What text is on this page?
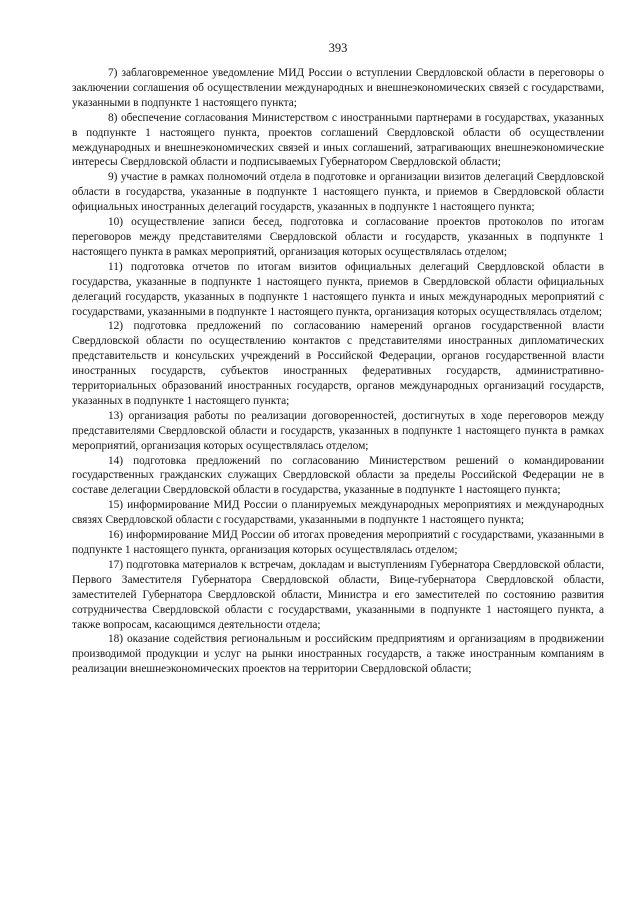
393

7) заблаговременное уведомление МИД России о вступлении Свердловской области в переговоры о заключении соглашения об осуществлении международных и внешнеэкономических связей с государствами, указанными в подпункте 1 настоящего пункта;

8) обеспечение согласования Министерством с иностранными партнерами в государствах, указанных в подпункте 1 настоящего пункта, проектов соглашений Свердловской области об осуществлении международных и внешнеэкономических связей и иных соглашений, затрагивающих внешнеэкономические интересы Свердловской области и подписываемых Губернатором Свердловской области;

9) участие в рамках полномочий отдела в подготовке и организации визитов делегаций Свердловской области в государства, указанные в подпункте 1 настоящего пункта, и приемов в Свердловской области официальных иностранных делегаций государств, указанных в подпункте 1 настоящего пункта;

10) осуществление записи бесед, подготовка и согласование проектов протоколов по итогам переговоров между представителями Свердловской области и государств, указанных в подпункте 1 настоящего пункта в рамках мероприятий, организация которых осуществлялась отделом;

11) подготовка отчетов по итогам визитов официальных делегаций Свердловской области в государства, указанные в подпункте 1 настоящего пункта, приемов в Свердловской области официальных делегаций государств, указанных в подпункте 1 настоящего пункта и иных международных мероприятий с государствами, указанными в подпункте 1 настоящего пункта, организация которых осуществлялась отделом;

12) подготовка предложений по согласованию намерений органов государственной власти Свердловской области по осуществлению контактов с представителями иностранных дипломатических представительств и консульских учреждений в Российской Федерации, органов государственной власти иностранных государств, субъектов иностранных федеративных государств, административно-территориальных образований иностранных государств, органов международных организаций государств, указанных в подпункте 1 настоящего пункта;

13) организация работы по реализации договоренностей, достигнутых в ходе переговоров между представителями Свердловской области и государств, указанных в подпункте 1 настоящего пункта в рамках мероприятий, организация которых осуществлялась отделом;

14) подготовка предложений по согласованию Министерством решений о командировании государственных гражданских служащих Свердловской области за пределы Российской Федерации не в составе делегации Свердловской области в государства, указанные в подпункте 1 настоящего пункта;

15) информирование МИД России о планируемых международных мероприятиях и международных связях Свердловской области с государствами, указанными в подпункте 1 настоящего пункта;

16) информирование МИД России об итогах проведения мероприятий с государствами, указанными в подпункте 1 настоящего пункта, организация которых осуществлялась отделом;

17) подготовка материалов к встречам, докладам и выступлениям Губернатора Свердловской области, Первого Заместителя Губернатора Свердловской области, Вице-губернатора Свердловской области, заместителей Губернатора Свердловской области, Министра и его заместителей по состоянию развития сотрудничества Свердловской области с государствами, указанными в подпункте 1 настоящего пункта, а также вопросам, касающимся деятельности отдела;

18) оказание содействия региональным и российским предприятиям и организациям в продвижении производимой продукции и услуг на рынки иностранных государств, а также иностранным компаниям в реализации внешнеэкономических проектов на территории Свердловской области;
